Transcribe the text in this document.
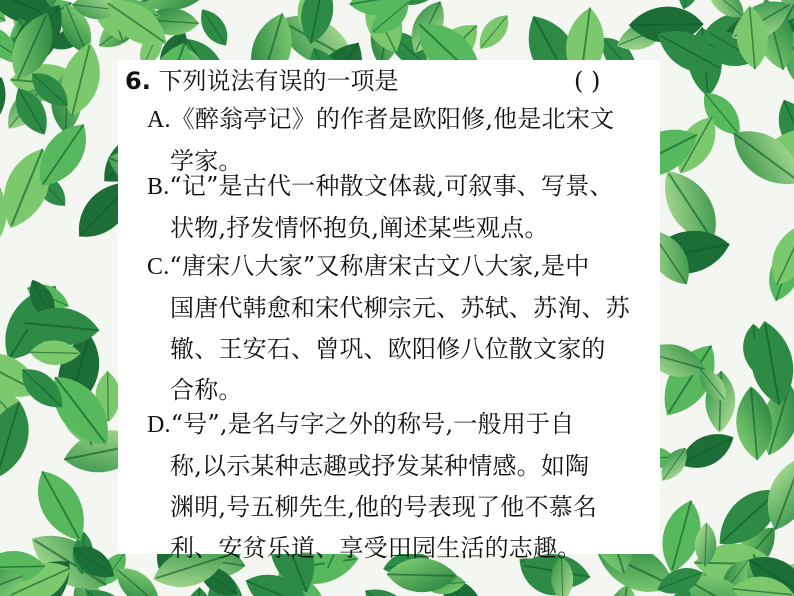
6. 下列说法有误的一项是	( )
A.《醉翁亭记》的作者是欧阳修,他是北宋文
学家。
B.“记”是古代一种散文体裁,可叙事、写景、
状物,抒发情怀抱负,阐述某些观点。
C.“唐宋八大家”又称唐宋古文八大家,是中
国唐代韩愈和宋代柳宗元、苏轼、苏洵、苏
辙、王安石、曾巩、欧阳修八位散文家的
合称。
D.“号”,是名与字之外的称号,一般用于自
称,以示某种志趣或抒发某种情感。如陶
渊明,号五柳先生,他的号表现了他不慕名
利、安贫乐道、享受田园生活的志趣。
